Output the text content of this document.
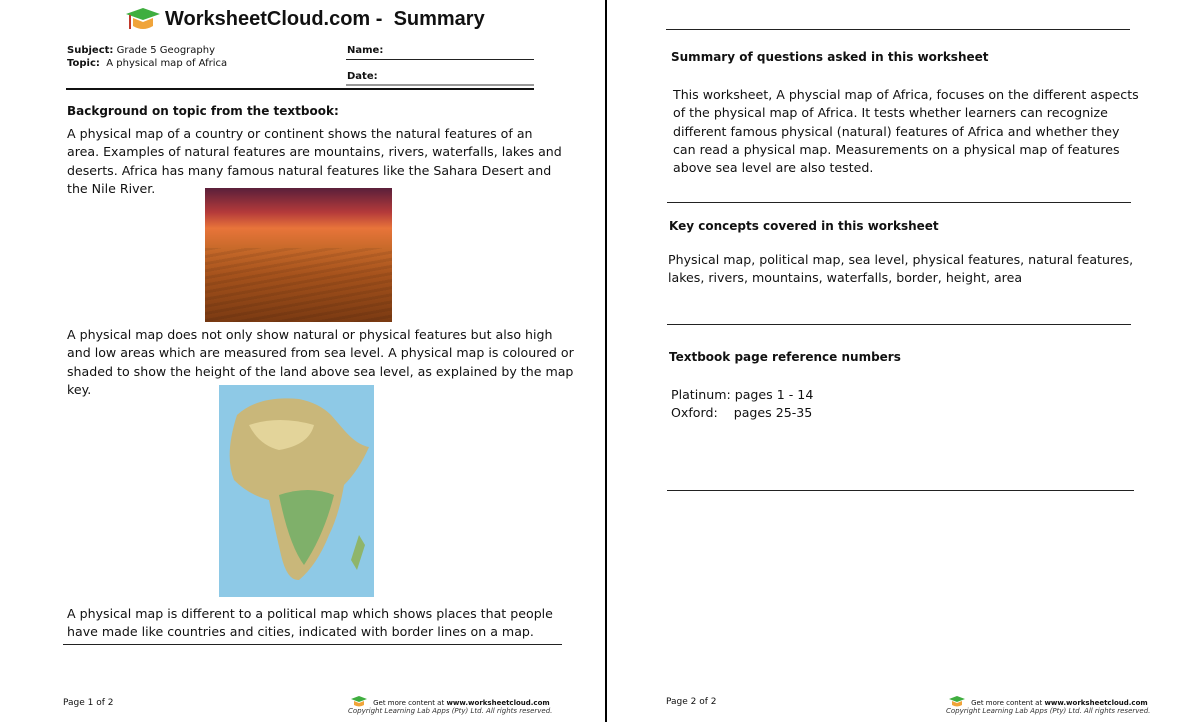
WorksheetCloud.com - Summary
Subject: Grade 5 Geography
Topic: A physical map of Africa
Name:
Date:
Background on topic from the textbook:
A physical map of a country or continent shows the natural features of an area. Examples of natural features are mountains, rivers, waterfalls, lakes and deserts. Africa has many famous natural features like the Sahara Desert and the Nile River.
A physical map does not only show natural or physical features but also high and low areas which are measured from sea level. A physical map is coloured or shaded to show the height of the land above sea level, as explained by the map key.
A physical map is different to a political map which shows places that people have made like countries and cities, indicated with border lines on a map.
Page 1 of 2	Get more content at www.worksheetcloud.com
Copyright Learning Lab Apps (Pty) Ltd. All rights reserved.
Summary of questions asked in this worksheet
This worksheet, A physcial map of Africa, focuses on the different aspects of the physical map of Africa. It tests whether learners can recognize different famous physical (natural) features of Africa and whether they can read a physical map. Measurements on a physical map of features above sea level are also tested.
Key concepts covered in this worksheet
Physical map, political map, sea level, physical features, natural features, lakes, rivers, mountains, waterfalls, border, height, area
Textbook page reference numbers
Platinum: pages 1 - 14
Oxford:    pages 25-35
Page 2 of 2	Get more content at www.worksheetcloud.com
Copyright Learning Lab Apps (Pty) Ltd. All rights reserved.
